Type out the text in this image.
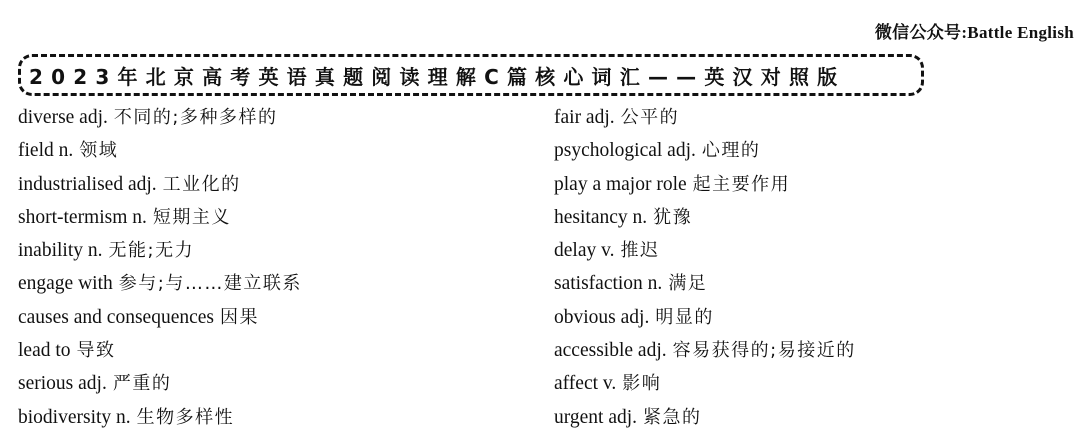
微信公众号:Battle English
2023年北京高考英语真题阅读理解C篇核心词汇——英汉对照版
diverse adj. 不同的;多种多样的
field n. 领域
industrialised adj. 工业化的
short-termism n. 短期主义
inability n. 无能;无力
engage with 参与;与……建立联系
causes and consequences 因果
lead to 导致
serious adj. 严重的
biodiversity n. 生物多样性
fair adj. 公平的
psychological adj. 心理的
play a major role 起主要作用
hesitancy n. 犹豫
delay v. 推迟
satisfaction n. 满足
obvious adj. 明显的
accessible adj. 容易获得的;易接近的
affect v. 影响
urgent adj. 紧急的
